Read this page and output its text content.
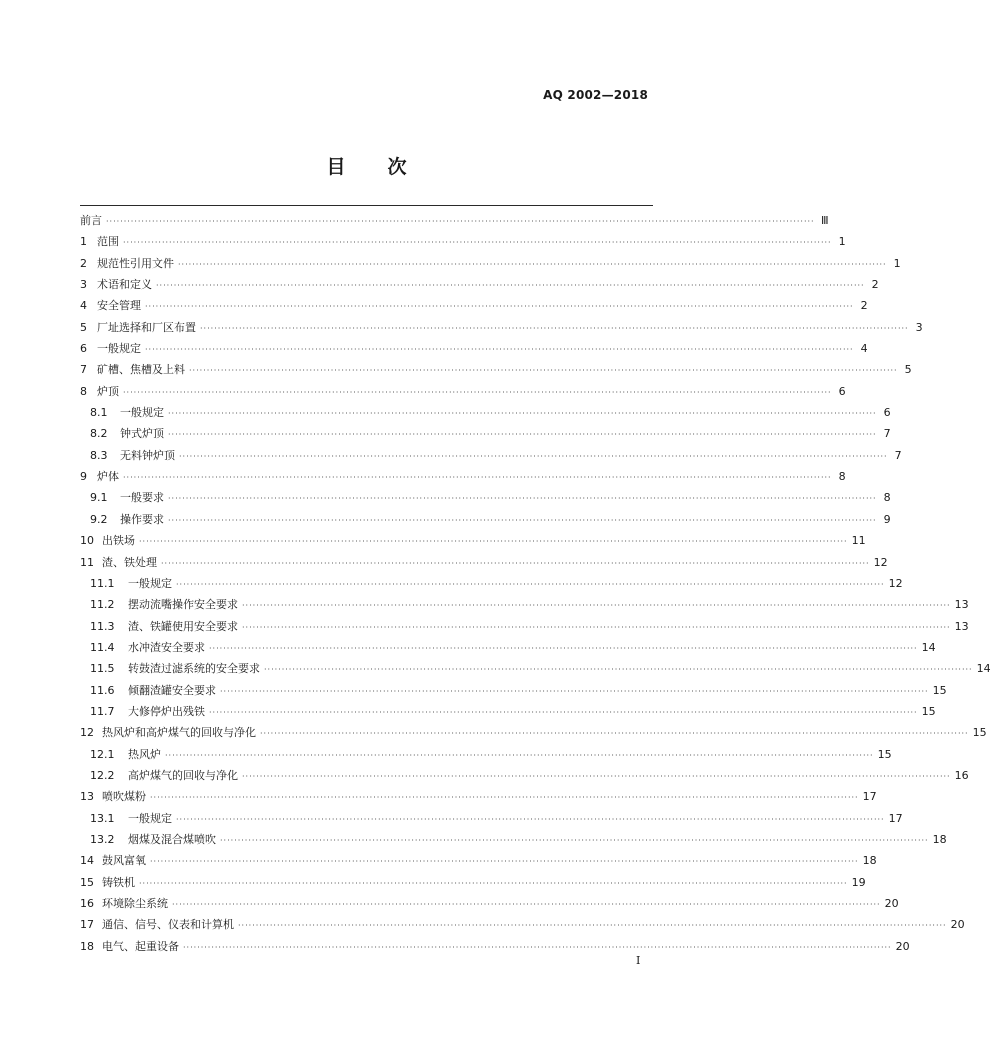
AQ 2002—2018
目 次
前言 ········································································································································································································ Ⅲ
1 范围 ········································································································································································································ 1
2 规范性引用文件 ········································································································································································································ 1
3 术语和定义 ········································································································································································································ 2
4 安全管理 ········································································································································································································ 2
5 厂址选择和厂区布置 ········································································································································································································ 3
6 一般规定 ········································································································································································································ 4
7 矿槽、焦槽及上料 ········································································································································································································ 5
8 炉顶 ········································································································································································································ 6
8.1	一般规定 ········································································································································································································ 6
8.2	钟式炉顶 ········································································································································································································ 7
8.3	无料钟炉顶 ········································································································································································································ 7
9 炉体 ········································································································································································································ 8
9.1	一般要求 ········································································································································································································ 8
9.2	操作要求 ········································································································································································································ 9
10 出铁场 ········································································································································································································ 11
11 渣、铁处理 ········································································································································································································ 12
11.1	一般规定 ········································································································································································································ 12
11.2	摆动流嘴操作安全要求 ········································································································································································································ 13
11.3	渣、铁罐使用安全要求 ········································································································································································································ 13
11.4	水冲渣安全要求 ········································································································································································································ 14
11.5	转鼓渣过滤系统的安全要求 ········································································································································································································ 14
11.6	倾翻渣罐安全要求 ········································································································································································································ 15
11.7	大修停炉出残铁 ········································································································································································································ 15
12 热风炉和高炉煤气的回收与净化 ········································································································································································································ 15
12.1	热风炉 ········································································································································································································ 15
12.2	高炉煤气的回收与净化 ········································································································································································································ 16
13 喷吹煤粉 ········································································································································································································ 17
13.1	一般规定 ········································································································································································································ 17
13.2	烟煤及混合煤喷吹 ········································································································································································································ 18
14 鼓风富氧 ········································································································································································································ 18
15 铸铁机 ········································································································································································································ 19
16 环境除尘系统 ········································································································································································································ 20
17 通信、信号、仪表和计算机 ········································································································································································································ 20
18 电气、起重设备 ········································································································································································································ 20
I
